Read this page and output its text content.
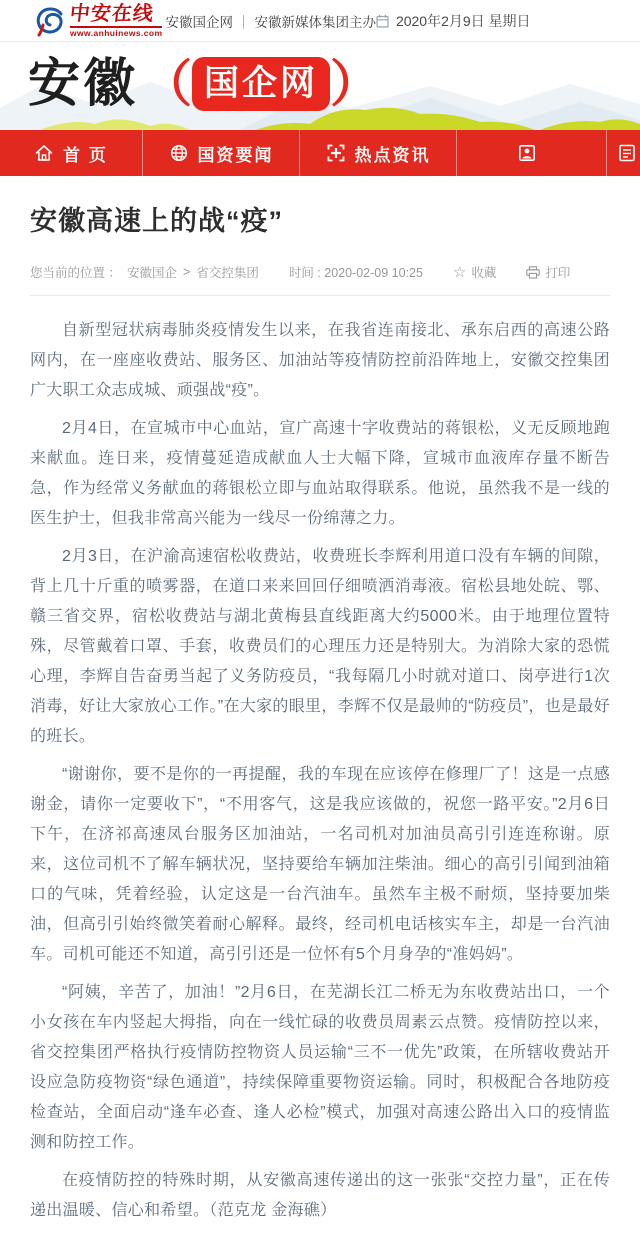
中安在线
www.anhuinews.com
安徽国企网 ｜ 安徽新媒体集团主办 2020年2月9日 星期日
安徽 （ 国企网 ）
首 页	国资要闻	热点资讯
安徽高速上的战“疫”
您当前的位置 ： 安徽国企 > 省交控集团 时间 : 2020-02-09 10:25 ☆ 收藏	打印

自新型冠状病毒肺炎疫情发生以来，在我省连南接北、承东启西的高速公路网内，在一座座收费站、服务区、加油站等疫情防控前沿阵地上，安徽交控集团广大职工众志成城、顽强战“疫”。

2月4日，在宣城市中心血站，宣广高速十字收费站的蒋银松，义无反顾地跑来献血。连日来，疫情蔓延造成献血人士大幅下降，宣城市血液库存量不断告急，作为经常义务献血的蒋银松立即与血站取得联系。他说，虽然我不是一线的医生护士，但我非常高兴能为一线尽一份绵薄之力。

2月3日，在沪渝高速宿松收费站，收费班长李辉利用道口没有车辆的间隙，背上几十斤重的喷雾器，在道口来来回回仔细喷洒消毒液。宿松县地处皖、鄂、赣三省交界，宿松收费站与湖北黄梅县直线距离大约5000米。由于地理位置特殊，尽管戴着口罩、手套，收费员们的心理压力还是特别大。为消除大家的恐慌心理，李辉自告奋勇当起了义务防疫员，“我每隔几小时就对道口、岗亭进行1次消毒，好让大家放心工作。”在大家的眼里，李辉不仅是最帅的“防疫员”，也是最好的班长。

“谢谢你，要不是你的一再提醒，我的车现在应该停在修理厂了！这是一点感谢金，请你一定要收下”，“不用客气，这是我应该做的，祝您一路平安。”2月6日下午，在济祁高速凤台服务区加油站，一名司机对加油员高引引连连称谢。原来，这位司机不了解车辆状况，坚持要给车辆加注柴油。细心的高引引闻到油箱口的气味，凭着经验，认定这是一台汽油车。虽然车主极不耐烦，坚持要加柴油，但高引引始终微笑着耐心解释。最终，经司机电话核实车主，却是一台汽油车。司机可能还不知道，高引引还是一位怀有5个月身孕的“准妈妈”。

“阿姨，辛苦了，加油！”2月6日，在芜湖长江二桥无为东收费站出口，一个小女孩在车内竖起大拇指，向在一线忙碌的收费员周素云点赞。疫情防控以来，省交控集团严格执行疫情防控物资人员运输“三不一优先”政策，在所辖收费站开设应急防疫物资“绿色通道”，持续保障重要物资运输。同时，积极配合各地防疫检查站，全面启动“逢车必查、逢人必检”模式，加强对高速公路出入口的疫情监测和防控工作。

在疫情防控的特殊时期，从安徽高速传递出的这一张张“交控力量”，正在传递出温暖、信心和希望。（范克龙 金海礁）
